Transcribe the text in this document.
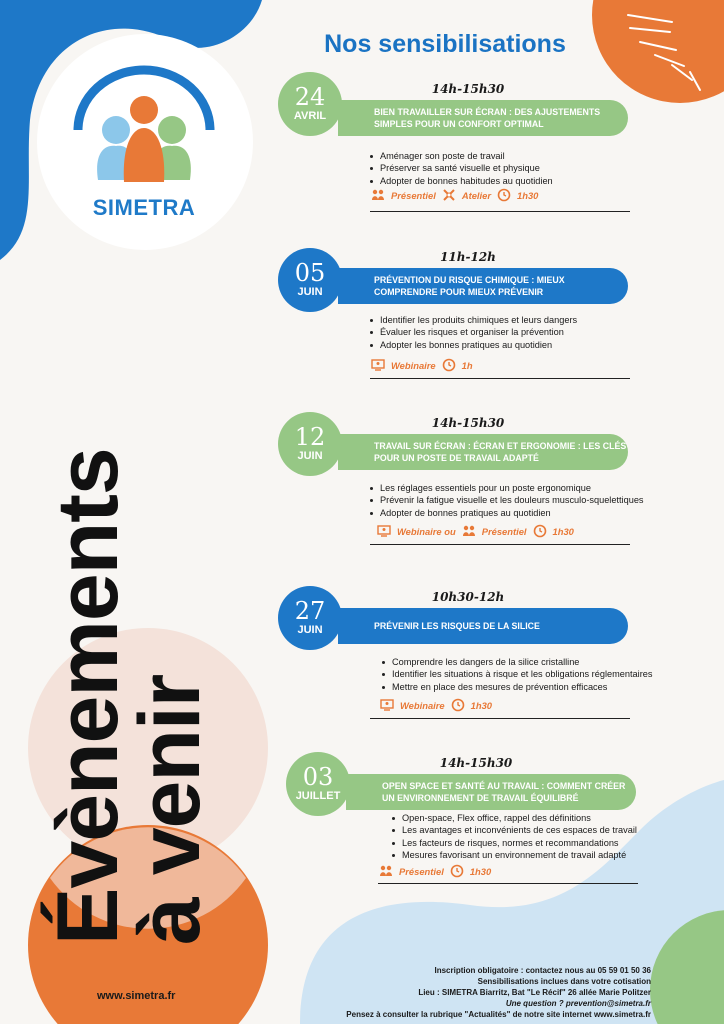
SIMETRA
Évènements
à venir
Nos sensibilisations
14h-15h30
BIEN TRAVAILLER SUR ÉCRAN : DES AJUSTEMENTS SIMPLES POUR UN CONFORT OPTIMAL
24
AVRIL
Aménager son poste de travail
Préserver sa santé visuelle et physique
Adopter de bonnes habitudes au quotidien
Présentiel	Atelier	1h30
11h-12h
PRÉVENTION DU RISQUE CHIMIQUE : MIEUX COMPRENDRE POUR MIEUX PRÉVENIR
05
JUIN
Identifier les produits chimiques et leurs dangers
Évaluer les risques et organiser la prévention
Adopter les bonnes pratiques au quotidien
Webinaire	1h
14h-15h30
TRAVAIL SUR ÉCRAN : ÉCRAN ET ERGONOMIE : LES CLÉS POUR UN POSTE DE TRAVAIL ADAPTÉ
12
JUIN
Les réglages essentiels pour un poste ergonomique
Prévenir la fatigue visuelle et les douleurs musculo-squelettiques
Adopter de bonnes pratiques au quotidien
Webinaire ou	Présentiel	1h30
10h30-12h
PRÉVENIR LES RISQUES DE LA SILICE
27
JUIN
Comprendre les dangers de la silice cristalline
Identifier les situations à risque et les obligations réglementaires
Mettre en place des mesures de prévention efficaces
Webinaire	1h30
14h-15h30
OPEN SPACE ET SANTÉ AU TRAVAIL : COMMENT CRÉER UN ENVIRONNEMENT DE TRAVAIL ÉQUILIBRÉ
03
JUILLET
Open-space, Flex office, rappel des définitions
Les avantages et inconvénients de ces espaces de travail
Les facteurs de risques, normes et recommandations
Mesures favorisant un environnement de travail adapté
Présentiel	1h30
www.simetra.fr
Inscription obligatoire : contactez nous au 05 59 01 50 36
Sensibilisations inclues dans votre cotisation
Lieu : SIMETRA Biarritz, Bat "Le Récif" 26 allée Marie Politzer
Une question ? prevention@simetra.fr
Pensez à consulter la rubrique "Actualités" de notre site internet www.simetra.fr
